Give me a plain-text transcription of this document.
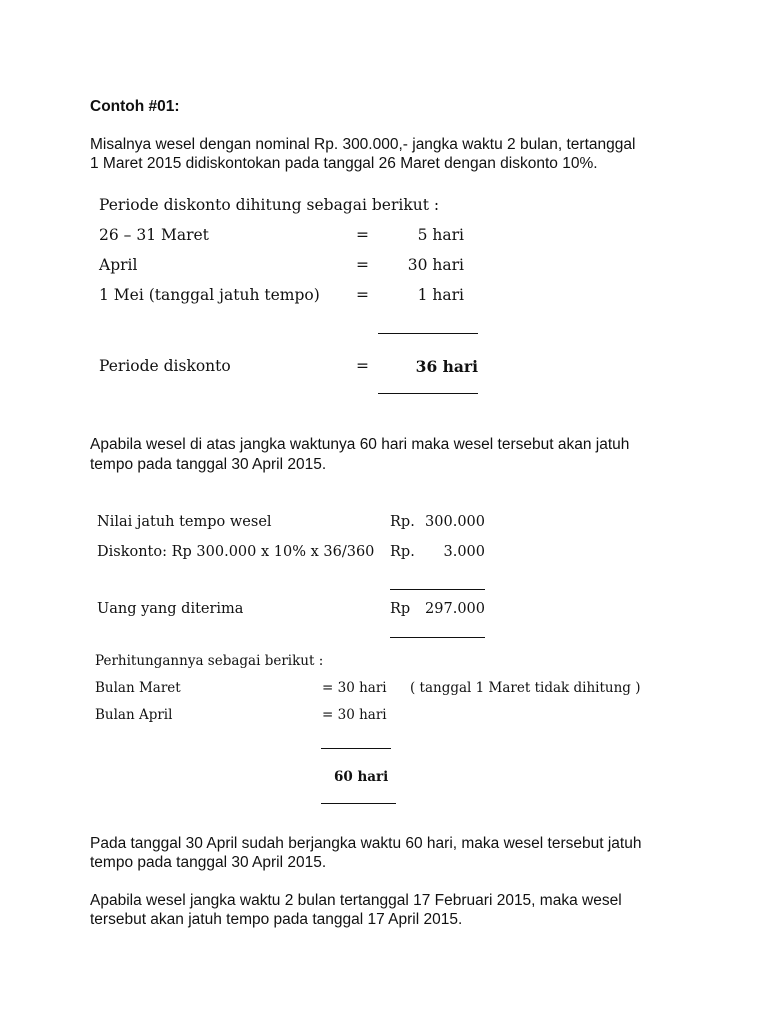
Contoh #01:
Misalnya wesel dengan nominal Rp. 300.000,- jangka waktu 2 bulan, tertanggal
1 Maret 2015 didiskontokan pada tanggal 26 Maret dengan diskonto 10%.
Periode diskonto dihitung sebagai berikut :
26 – 31 Maret	=	5 hari
April	=	30 hari
1 Mei (tanggal jatuh tempo) =	1 hari
Periode diskonto	=	36 hari
Apabila wesel di atas jangka waktunya 60 hari maka wesel tersebut akan jatuh
tempo pada tanggal 30 April 2015.
Nilai jatuh tempo wesel	Rp. 300.000
Diskonto: Rp 300.000 x 10% x 36/360 Rp.	3.000
Uang yang diterima	Rp	297.000
Perhitungannya sebagai berikut :
Bulan Maret	= 30 hari ( tanggal 1 Maret tidak dihitung )
Bulan April	= 30 hari
60 hari
Pada tanggal 30 April sudah berjangka waktu 60 hari, maka wesel tersebut jatuh
tempo pada tanggal 30 April 2015.
Apabila wesel jangka waktu 2 bulan tertanggal 17 Februari 2015, maka wesel
tersebut akan jatuh tempo pada tanggal 17 April 2015.
